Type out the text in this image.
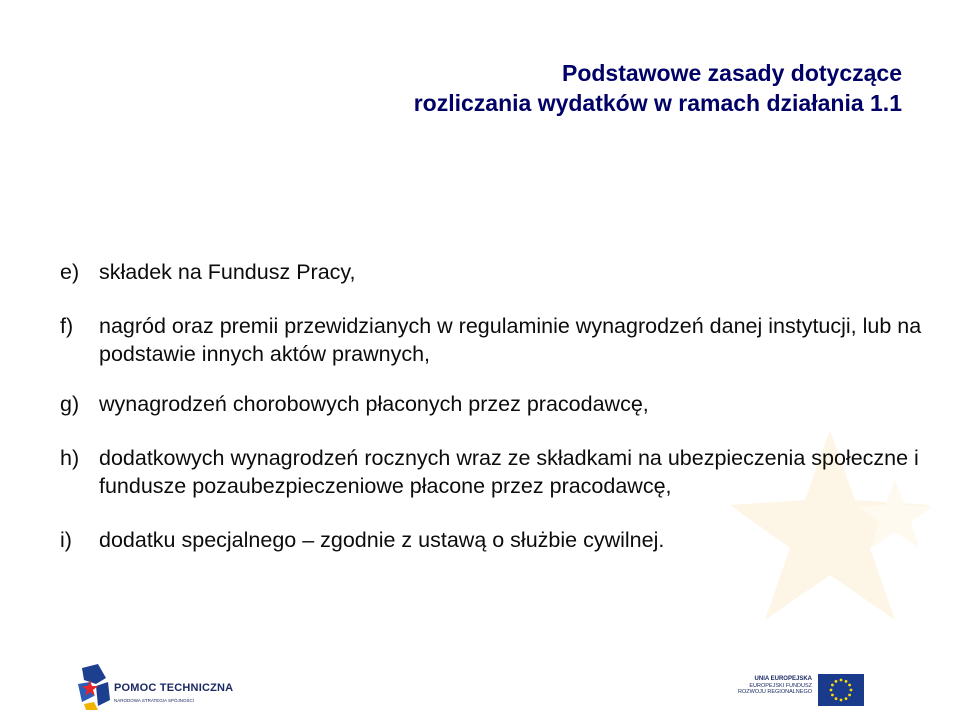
Podstawowe zasady dotyczące
rozliczania wydatków w ramach działania 1.1
e) składek na Fundusz Pracy,
f)	nagród oraz premii przewidzianych w regulaminie wynagrodzeń danej instytucji, lub na podstawie innych aktów prawnych,
g) wynagrodzeń chorobowych płaconych przez pracodawcę,
h) dodatkowych wynagrodzeń rocznych wraz ze składkami na ubezpieczenia społeczne i fundusze pozaubezpieczeniowe płacone przez pracodawcę,
i)	dodatku specjalnego – zgodnie z ustawą o służbie cywilnej.
POMOC TECHNICZNA
NARODOWA STRATEGIA SPÓJNOŚCI
UNIA EUROPEJSKA
EUROPEJSKI FUNDUSZ
ROZWOJU REGIONALNEGO
